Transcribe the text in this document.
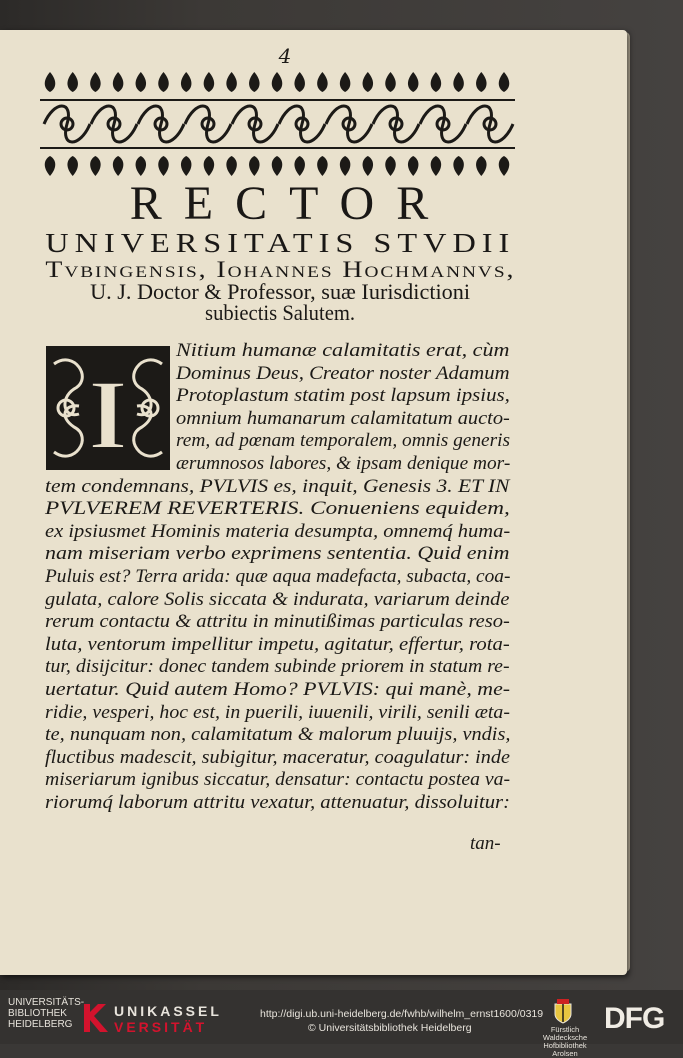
4
RECTOR
UNIVERSITATIS STVDII
Tvbingensis, Iohannes Hochmannvs,
U. J. Doctor & Professor, suæ Iurisdictioni
subiectis Salutem.
I
Nitium humanæ calamitatis erat, cùm
Dominus Deus, Creator noster Adamum
Protoplastum statim post lapsum ipsius,
omnium humanarum calamitatum aucto-
rem, ad pœnam temporalem, omnis generis
ærumnosos labores, & ipsam denique mor-
tem condemnans, PVLVIS es, inquit, Genesis 3. ET IN
PVLVEREM REVERTERIS. Conueniens equidem,
ex ipsiusmet Hominis materia desumpta, omnemq́ huma-
nam miseriam verbo exprimens sententia. Quid enim
Puluis est? Terra arida: quæ aqua madefacta, subacta, coa-
gulata, calore Solis siccata & indurata, variarum deinde
rerum contactu & attritu in minutißimas particulas reso-
luta, ventorum impellitur impetu, agitatur, effertur, rota-
tur, disijcitur: donec tandem subinde priorem in statum re-
uertatur. Quid autem Homo? PVLVIS: qui manè, me-
ridie, vesperi, hoc est, in puerili, iuuenili, virili, senili æta-
te, nunquam non, calamitatum & malorum pluuijs, vndis,
fluctibus madescit, subigitur, maceratur, coagulatur: inde
miseriarum ignibus siccatur, densatur: contactu postea va-
riorumq́ laborum attritu vexatur, attenuatur, dissoluitur:
tan-
UNIVERSITÄTS-
BIBLIOTHEK
HEIDELBERG
UNIKASSEL
VERSITÄT
http://digi.ub.uni-heidelberg.de/fwhb/wilhelm_ernst1600/0319
© Universitätsbibliothek Heidelberg	Fürstlich Waldecksche
Hofbibliothek Arolsen
DFG
